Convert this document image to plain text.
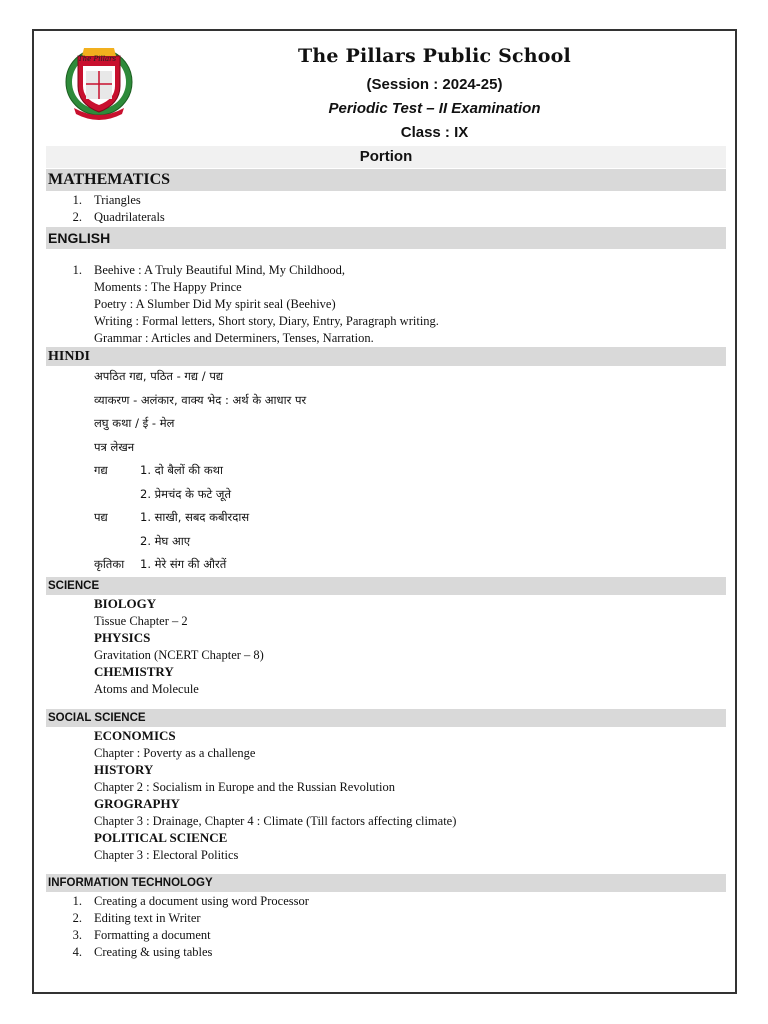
The Pillars	The Pillars Public School
(Session : 2024-25)
Periodic Test – II Examination
Class : IX
Portion
MATHEMATICS
1. Triangles
2. Quadrilaterals
ENGLISH
1. Beehive : A Truly Beautiful Mind, My Childhood,
Moments : The Happy Prince
Poetry : A Slumber Did My spirit seal (Beehive)
Writing : Formal letters, Short story, Diary, Entry, Paragraph writing.
Grammar : Articles and Determiners, Tenses, Narration.
HINDI
अपठित गद्य, पठित - गद्य / पद्य
व्याकरण - अलंकार, वाक्य भेद : अर्थ के आधार पर
लघु कथा / ई - मेल
पत्र लेखन
गद्य	1. दो बैलों की कथा
2. प्रेमचंद के फटे जूते
पद्य	1. साखी, सबद कबीरदास
2. मेघ आए
कृतिका 1. मेरे संग की औरतें
SCIENCE
BIOLOGY
Tissue Chapter – 2
PHYSICS
Gravitation (NCERT Chapter – 8)
CHEMISTRY
Atoms and Molecule
SOCIAL SCIENCE
ECONOMICS
Chapter : Poverty as a challenge
HISTORY
Chapter 2 : Socialism in Europe and the Russian Revolution
GROGRAPHY
Chapter 3 : Drainage, Chapter 4 : Climate (Till factors affecting climate)
POLITICAL SCIENCE
Chapter 3 : Electoral Politics
INFORMATION TECHNOLOGY
1. Creating a document using word Processor
2. Editing text in Writer
3. Formatting a document
4. Creating & using tables
